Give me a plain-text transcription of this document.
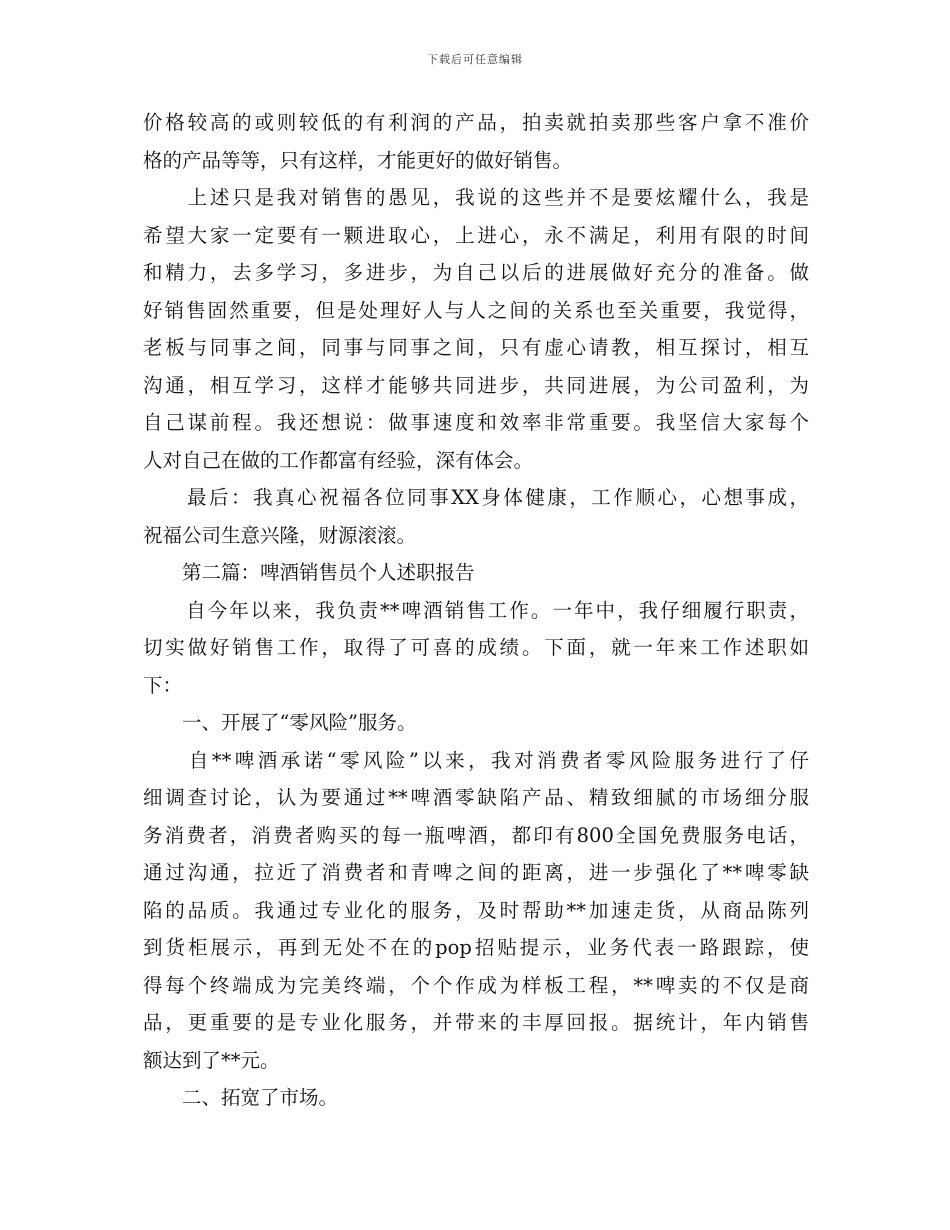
下载后可任意编辑
价格较高的或则较低的有利润的产品，拍卖就拍卖那些客户拿不准价
格的产品等等，只有这样，才能更好的做好销售。
　　上述只是我对销售的愚见，我说的这些并不是要炫耀什么，我是
希望大家一定要有一颗进取心，上进心，永不满足，利用有限的时间
和精力，去多学习，多进步，为自己以后的进展做好充分的准备。做
好销售固然重要，但是处理好人与人之间的关系也至关重要，我觉得，
老板与同事之间，同事与同事之间，只有虚心请教，相互探讨，相互
沟通，相互学习，这样才能够共同进步，共同进展，为公司盈利，为
自己谋前程。我还想说：做事速度和效率非常重要。我坚信大家每个
人对自己在做的工作都富有经验，深有体会。
　　最后：我真心祝福各位同事XX身体健康，工作顺心，心想事成，
祝福公司生意兴隆，财源滚滚。
　　第二篇：啤酒销售员个人述职报告
　　自今年以来，我负责**啤酒销售工作。一年中，我仔细履行职责，
切实做好销售工作，取得了可喜的成绩。下面，就一年来工作述职如
下：
　　一、开展了“零风险”服务。
　　自**啤酒承诺“零风险”以来，我对消费者零风险服务进行了仔
细调查讨论，认为要通过**啤酒零缺陷产品、精致细腻的市场细分服
务消费者，消费者购买的每一瓶啤酒，都印有800全国免费服务电话，
通过沟通，拉近了消费者和青啤之间的距离，进一步强化了**啤零缺
陷的品质。我通过专业化的服务，及时帮助**加速走货，从商品陈列
到货柜展示，再到无处不在的pop招贴提示，业务代表一路跟踪，使
得每个终端成为完美终端，个个作成为样板工程，**啤卖的不仅是商
品，更重要的是专业化服务，并带来的丰厚回报。据统计，年内销售
额达到了**元。
　　二、拓宽了市场。
